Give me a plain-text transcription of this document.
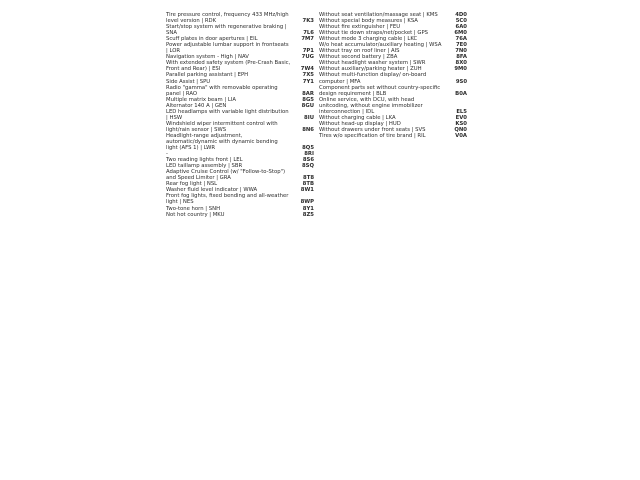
Tire pressure control, frequency 433 MHz/high level version | RDK	7K3
Start/stop system with regenerative braking | SNA	7L6
Scuff plates in door apertures | EIL	7M7
Power adjustable lumbar support in frontseats | LOR	7P1
Navigation system - High | NAV	7UG
With extended safety system (Pre-Crash Basic, Front and Rear) | ESI	7W4
Parallel parking assistant | EPH	7X5
Side Assist | SPU	7Y1
Radio "gamma" with removable operating panel | RAO	8AR
Multiple matrix beam | LIA	8G5
Alternator 140 A | GEN	8GU
LED headlamps with variable light distribution | HSW	8IU
Windshield wiper intermittent control with light/rain sensor | SWS	8N6
Headlight-range adjustment, automatic/dynamic with dynamic bending light (AFS 1) | LWR	8Q5
-	8RI
Two reading lights front | LEL	8S6
LED taillamp assembly | SBR	8SQ
Adaptive Cruise Control (w/ "Follow-to-Stop") and Speed Limiter | GRA	8T8
Rear fog light | NSL	8TB
Washer fluid level indicator | WWA	8W1
Front fog lights, fixed bending and all-weather light | NES	8WP
Two-tone horn | SNH	8Y1
Not hot country | MKU	8Z5
Without seat ventilation/massage seat | KMS	4D0
Without special body measures | KSA	5C0
Without fire extinguisher | FEU	6A0
Without tie down straps/net/pocket | GPS	6M0
Without mode 3 charging cable | LKC	76A
W/o heat accumulator/auxiliary heating | WSA	7E0
Without tray on roof liner | AIS	7N0
Without second battery | ZBA	8FA
Without headlight washer system | SWR	8X0
Without auxiliary/parking heater | ZUH	9M0
Without multi-function display/ on-board computer | MFA	9S0
Component parts set without country-specific design requirement | BLB	B0A
Online service, with DCU, with head unitcoding, without engine immobilizer interconnection | IDL	EL5
Without charging cable | LKA	EV0
Without head-up display | HUD	KS0
Without drawers under front seats | SVS	QN0
Tires w/o specification of tire brand | RIL	V0A
